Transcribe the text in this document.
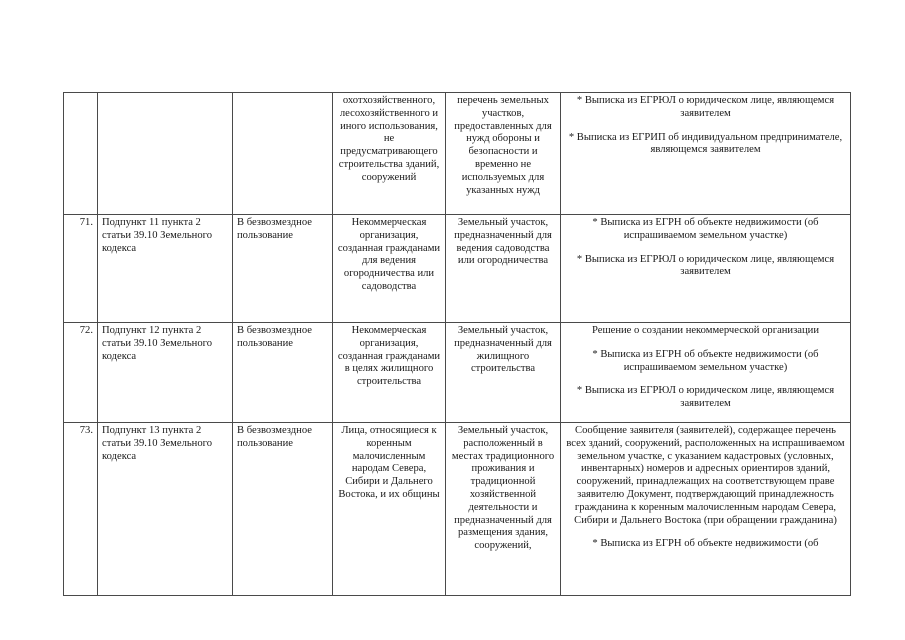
			охотхозяйственного, лесохозяйственного и иного использования, не предусматривающего строительства зданий, сооружений	перечень земельных участков, предоставленных для нужд обороны и безопасности и временно не используемых для указанных нужд	* Выписка из ЕГРЮЛ о юридическом лице, являющемся заявителем
* Выписка из ЕГРИП об индивидуальном предпринимателе, являющемся заявителем

71.	Подпункт 11 пункта 2 статьи 39.10 Земельного кодекса	В безвозмездное пользование	Некоммерческая организация, созданная гражданами для ведения огородничества или садоводства	Земельный участок, предназначенный для ведения садоводства или огородничества	* Выписка из ЕГРН об объекте недвижимости (об испрашиваемом земельном участке)
* Выписка из ЕГРЮЛ о юридическом лице, являющемся заявителем

72.	Подпункт 12 пункта 2 статьи 39.10 Земельного кодекса	В безвозмездное пользование	Некоммерческая организация, созданная гражданами в целях жилищного строительства	Земельный участок, предназначенный для жилищного строительства	Решение о создании некоммерческой организации
* Выписка из ЕГРН об объекте недвижимости (об испрашиваемом земельном участке)
* Выписка из ЕГРЮЛ о юридическом лице, являющемся заявителем

73.	Подпункт 13 пункта 2 статьи 39.10 Земельного кодекса	В безвозмездное пользование	Лица, относящиеся к коренным малочисленным народам Севера, Сибири и Дальнего Востока, и их общины	Земельный участок, расположенный в местах традиционного проживания и традиционной хозяйственной деятельности и предназначенный для размещения здания, сооружений,	Сообщение заявителя (заявителей), содержащее перечень всех зданий, сооружений, расположенных на испрашиваемом земельном участке, с указанием кадастровых (условных, инвентарных) номеров и адресных ориентиров зданий, сооружений, принадлежащих на соответствующем праве заявителю Документ, подтверждающий принадлежность гражданина к коренным малочисленным народам Севера, Сибири и Дальнего Востока (при обращении гражданина)
* Выписка из ЕГРН об объекте недвижимости (об
